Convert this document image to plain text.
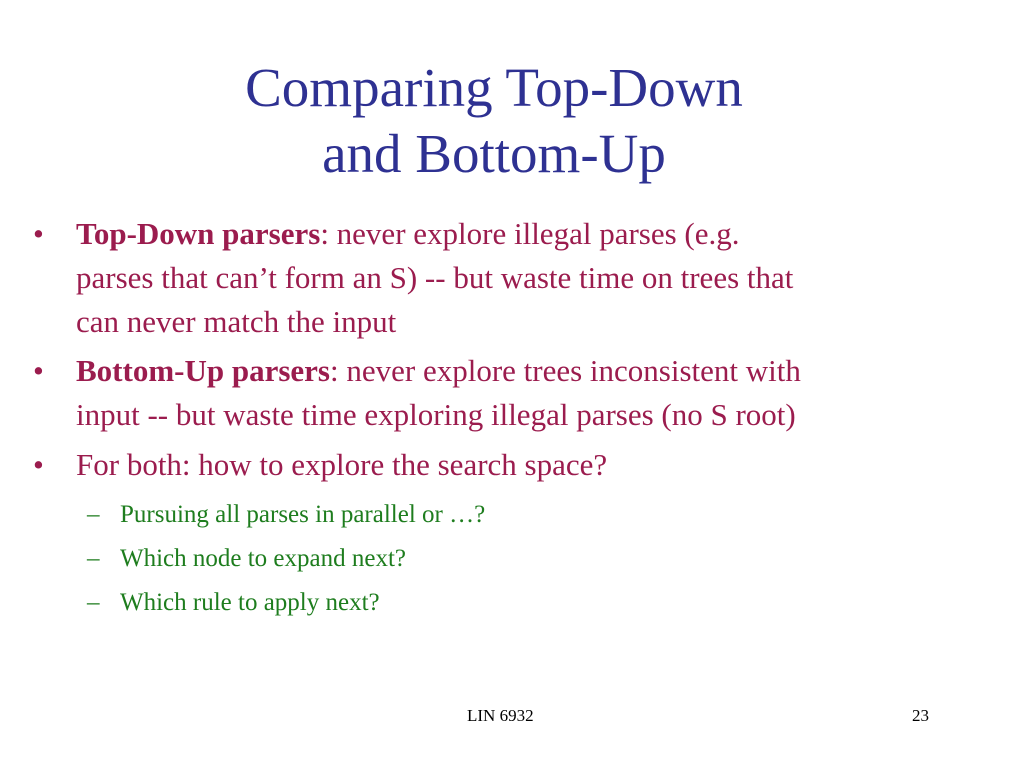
Comparing Top-Down
and Bottom-Up
• Top-Down parsers: never explore illegal parses (e.g.
parses that can’t form an S) -- but waste time on trees that
can never match the input
• Bottom-Up parsers: never explore trees inconsistent with
input -- but waste time exploring illegal parses (no S root)
• For both: how to explore the search space?
– Pursuing all parses in parallel or …?
– Which node to expand next?
– Which rule to apply next?
LIN 6932	23
